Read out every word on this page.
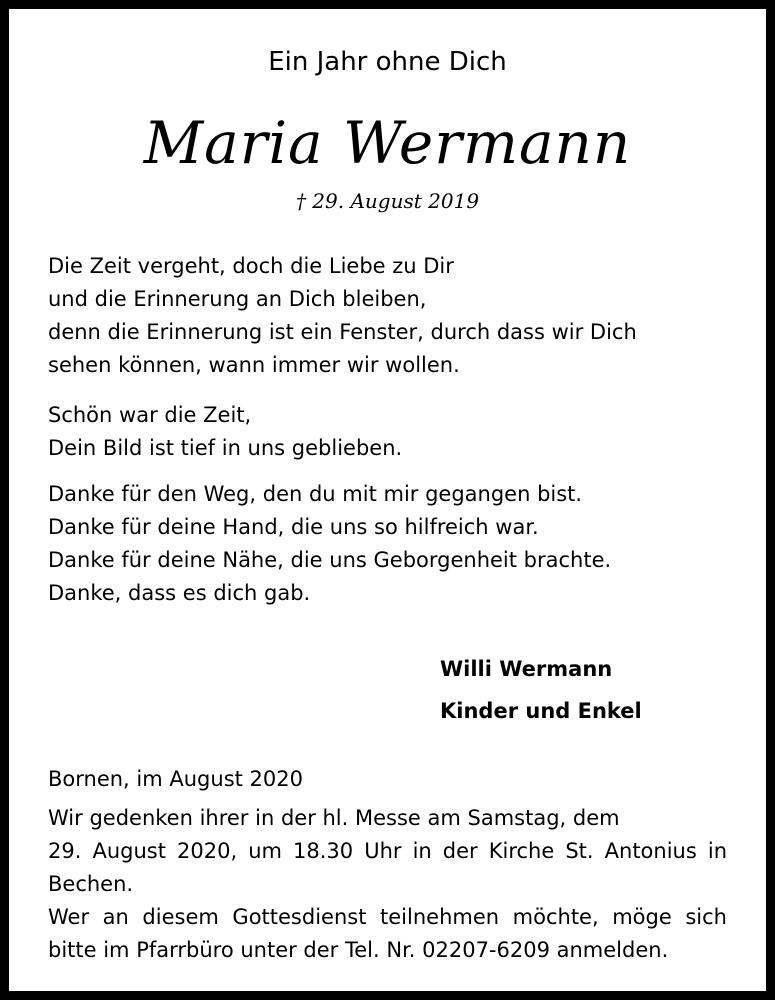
Ein Jahr ohne Dich
Maria Wermann
† 29. August 2019
Die Zeit vergeht, doch die Liebe zu Dir
und die Erinnerung an Dich bleiben,
denn die Erinnerung ist ein Fenster, durch dass wir Dich
sehen können, wann immer wir wollen.
Schön war die Zeit,
Dein Bild ist tief in uns geblieben.
Danke für den Weg, den du mit mir gegangen bist.
Danke für deine Hand, die uns so hilfreich war.
Danke für deine Nähe, die uns Geborgenheit brachte.
Danke, dass es dich gab.
Willi Wermann
Kinder und Enkel
Bornen, im August 2020
Wir gedenken ihrer in der hl. Messe am Samstag, dem
29. August 2020, um 18.30 Uhr in der Kirche St. Antonius in
Bechen.
Wer an diesem Gottesdienst teilnehmen möchte, möge sich
bitte im Pfarrbüro unter der Tel. Nr. 02207-6209 anmelden.
